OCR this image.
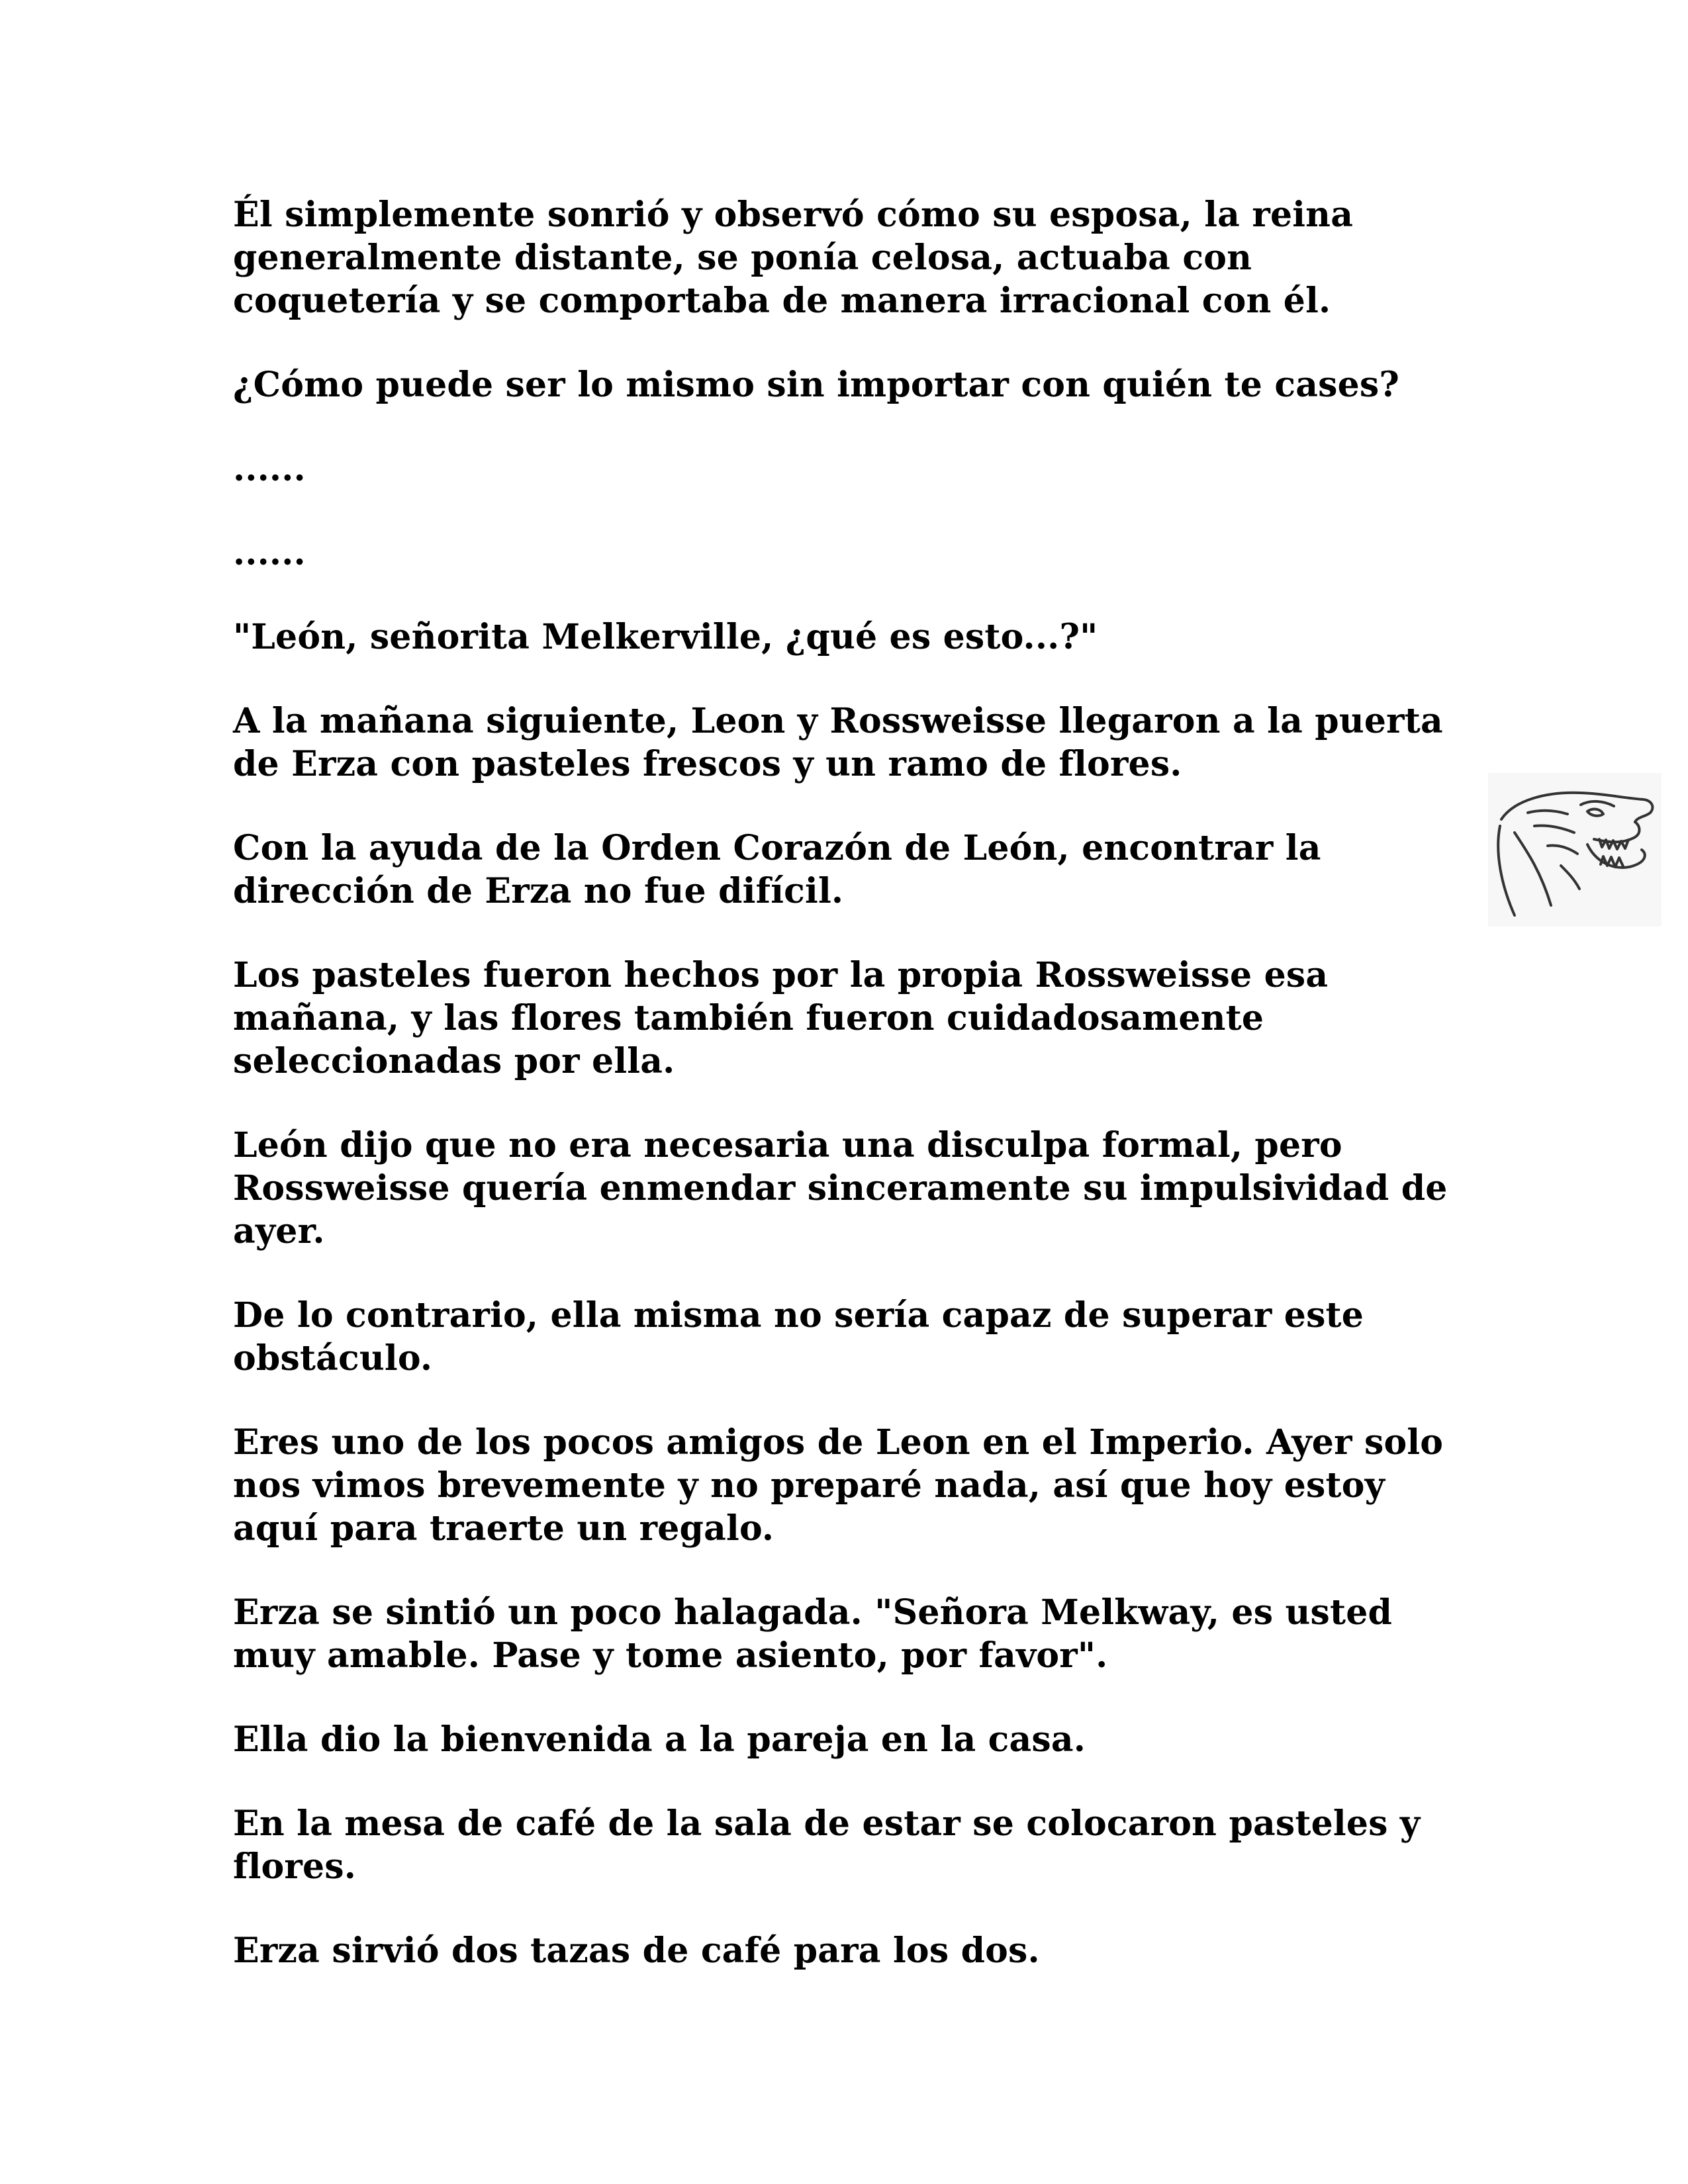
Él simplemente sonrió y observó cómo su esposa, la reina generalmente distante, se ponía celosa, actuaba con coquetería y se comportaba de manera irracional con él.

¿Cómo puede ser lo mismo sin importar con quién te cases?

......

......

"León, señorita Melkerville, ¿qué es esto...?"

A la mañana siguiente, Leon y Rossweisse llegaron a la puerta de Erza con pasteles frescos y un ramo de flores.

Con la ayuda de la Orden Corazón de León, encontrar la dirección de Erza no fue difícil.

Los pasteles fueron hechos por la propia Rossweisse esa mañana, y las flores también fueron cuidadosamente seleccionadas por ella.

León dijo que no era necesaria una disculpa formal, pero Rossweisse quería enmendar sinceramente su impulsividad de ayer.

De lo contrario, ella misma no sería capaz de superar este obstáculo.

Eres uno de los pocos amigos de Leon en el Imperio. Ayer solo nos vimos brevemente y no preparé nada, así que hoy estoy aquí para traerte un regalo.

Erza se sintió un poco halagada. "Señora Melkway, es usted muy amable. Pase y tome asiento, por favor".

Ella dio la bienvenida a la pareja en la casa.

En la mesa de café de la sala de estar se colocaron pasteles y flores.

Erza sirvió dos tazas de café para los dos.
